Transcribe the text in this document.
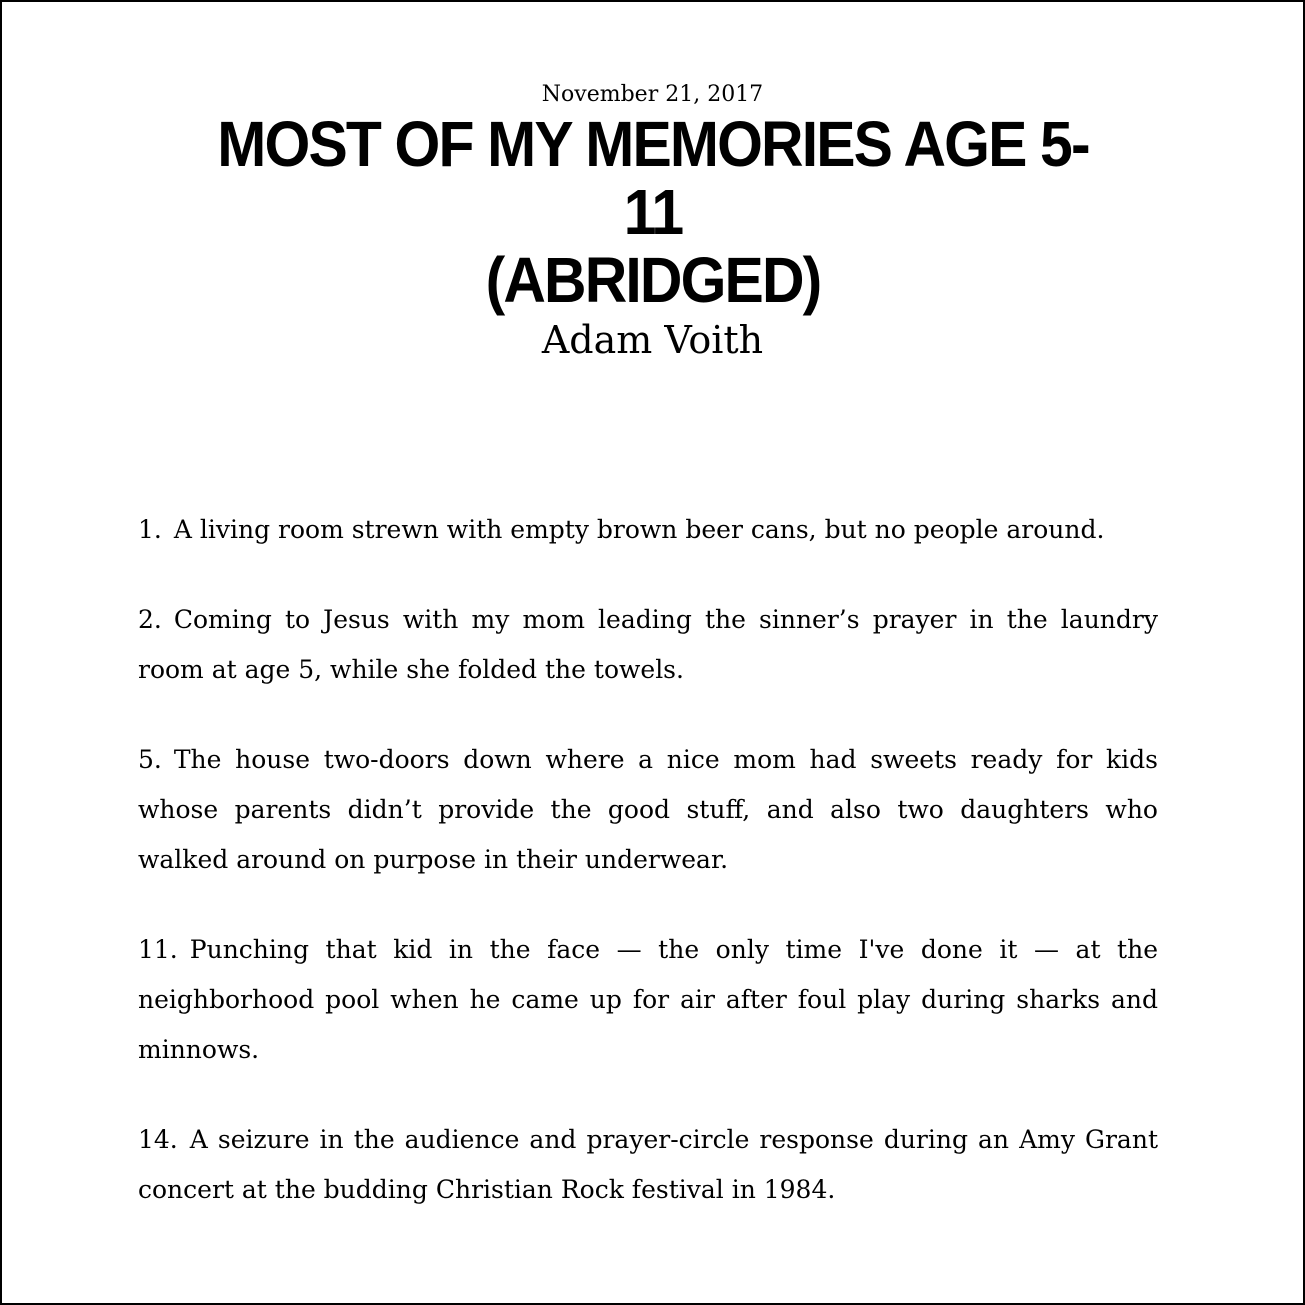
November 21, 2017
MOST OF MY MEMORIES AGE 5-11
(ABRIDGED)
Adam Voith

1. A living room strewn with empty brown beer cans, but no people around.

2. Coming to Jesus with my mom leading the sinner’s prayer in the laundry room at age 5, while she folded the towels.

5. The house two-doors down where a nice mom had sweets ready for kids whose parents didn’t provide the good stuff, and also two daughters who walked around on purpose in their underwear.

11. Punching that kid in the face — the only time I've done it — at the neighborhood pool when he came up for air after foul play during sharks and minnows.

14. A seizure in the audience and prayer-circle response during an Amy Grant concert at the budding Christian Rock festival in 1984.
